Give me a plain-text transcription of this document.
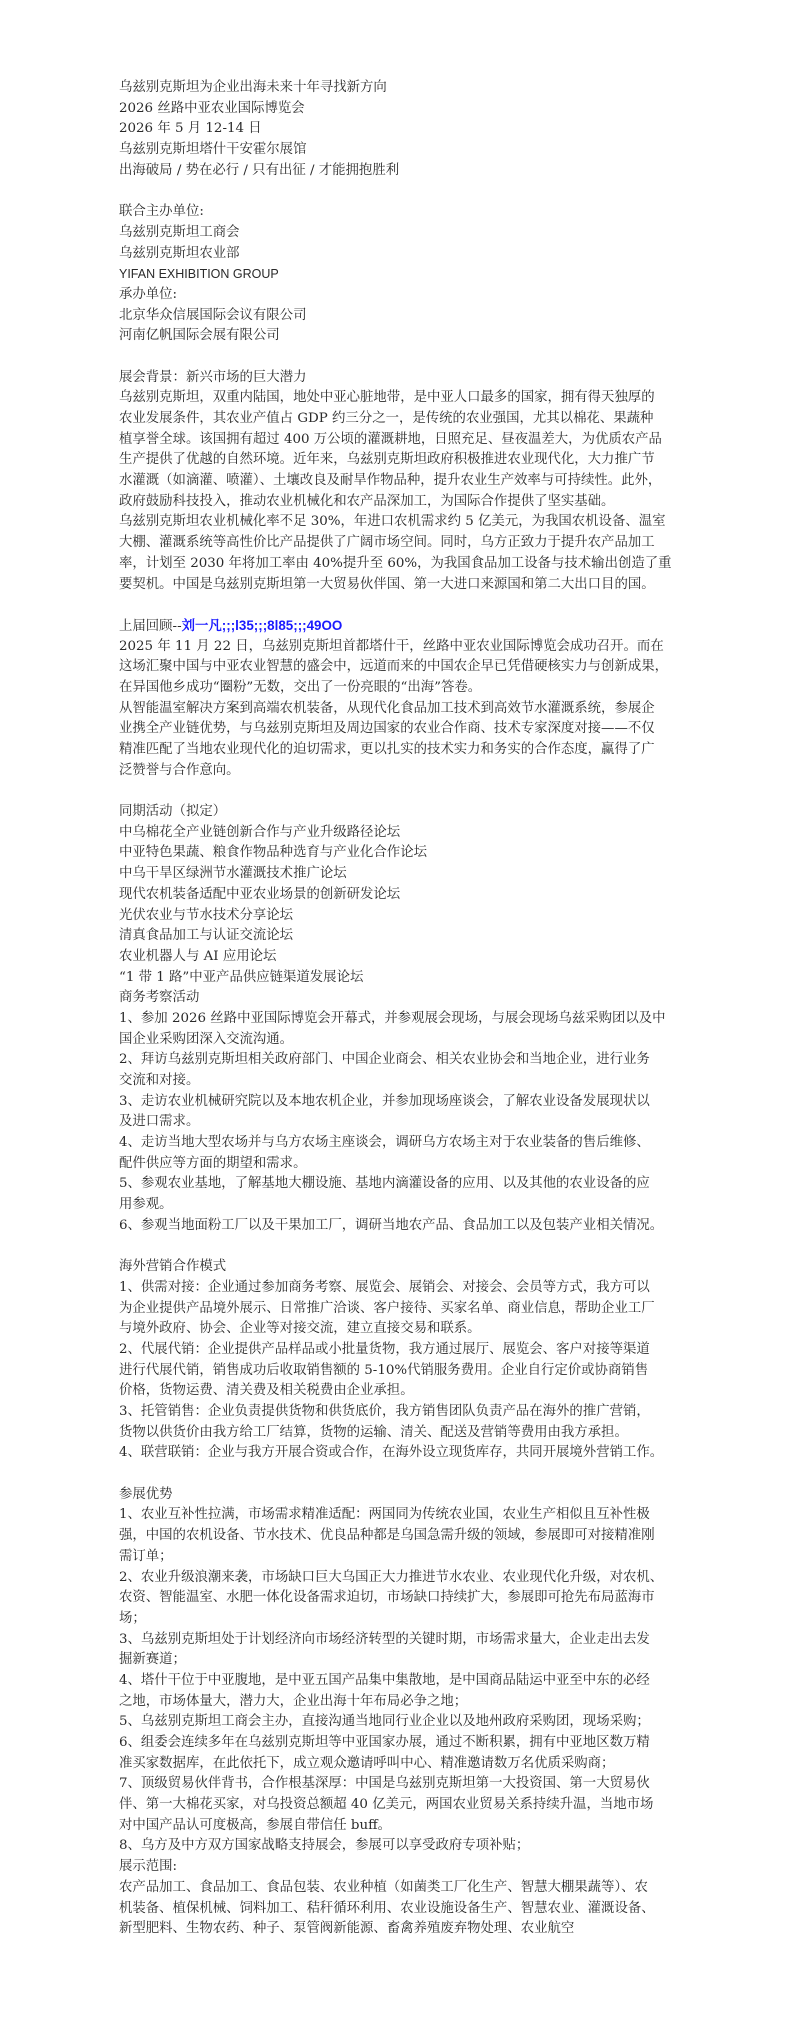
乌兹别克斯坦为企业出海未来十年寻找新方向
2026 丝路中亚农业国际博览会
2026 年 5 月 12-14 日
乌兹别克斯坦塔什干安霍尔展馆
出海破局 / 势在必行 / 只有出征 / 才能拥抱胜利
联合主办单位:
乌兹别克斯坦工商会
乌兹别克斯坦农业部
YIFAN EXHIBITION GROUP
承办单位:
北京华众信展国际会议有限公司
河南亿帆国际会展有限公司
展会背景：新兴市场的巨大潜力
乌兹别克斯坦，双重内陆国，地处中亚心脏地带，是中亚人口最多的国家，拥有得天独厚的
农业发展条件，其农业产值占 GDP 约三分之一，是传统的农业强国，尤其以棉花、果蔬种
植享誉全球。该国拥有超过 400 万公顷的灌溉耕地，日照充足、昼夜温差大，为优质农产品
生产提供了优越的自然环境。近年来，乌兹别克斯坦政府积极推进农业现代化，大力推广节
水灌溉（如滴灌、喷灌）、土壤改良及耐旱作物品种，提升农业生产效率与可持续性。此外，
政府鼓励科技投入，推动农业机械化和农产品深加工，为国际合作提供了坚实基础。
乌兹别克斯坦农业机械化率不足 30%，年进口农机需求约 5 亿美元，为我国农机设备、温室
大棚、灌溉系统等高性价比产品提供了广阔市场空间。同时，乌方正致力于提升农产品加工
率，计划至 2030 年将加工率由 40%提升至 60%，为我国食品加工设备与技术输出创造了重
要契机。中国是乌兹别克斯坦第一大贸易伙伴国、第一大进口来源国和第二大出口目的国。
上届回顾--刘一凡;;;l35;;;8l85;;;49OO
2025 年 11 月 22 日，乌兹别克斯坦首都塔什干，丝路中亚农业国际博览会成功召开。而在
这场汇聚中国与中亚农业智慧的盛会中，远道而来的中国农企早已凭借硬核实力与创新成果，
在异国他乡成功“圈粉”无数，交出了一份亮眼的“出海”答卷。
从智能温室解决方案到高端农机装备，从现代化食品加工技术到高效节水灌溉系统，参展企
业携全产业链优势，与乌兹别克斯坦及周边国家的农业合作商、技术专家深度对接——不仅
精准匹配了当地农业现代化的迫切需求，更以扎实的技术实力和务实的合作态度，赢得了广
泛赞誉与合作意向。
同期活动（拟定）
中乌棉花全产业链创新合作与产业升级路径论坛
中亚特色果蔬、粮食作物品种选育与产业化合作论坛
中乌干旱区绿洲节水灌溉技术推广论坛
现代农机装备适配中亚农业场景的创新研发论坛
光伏农业与节水技术分享论坛
清真食品加工与认证交流论坛
农业机器人与 AI 应用论坛
“1 带 1 路”中亚产品供应链渠道发展论坛
商务考察活动
1、参加 2026 丝路中亚国际博览会开幕式，并参观展会现场，与展会现场乌兹采购团以及中
国企业采购团深入交流沟通。
2、拜访乌兹别克斯坦相关政府部门、中国企业商会、相关农业协会和当地企业，进行业务
交流和对接。
3、走访农业机械研究院以及本地农机企业，并参加现场座谈会，了解农业设备发展现状以
及进口需求。
4、走访当地大型农场并与乌方农场主座谈会，调研乌方农场主对于农业装备的售后维修、
配件供应等方面的期望和需求。
5、参观农业基地，了解基地大棚设施、基地内滴灌设备的应用、以及其他的农业设备的应
用参观。
6、参观当地面粉工厂以及干果加工厂，调研当地农产品、食品加工以及包装产业相关情况。
海外营销合作模式
1、供需对接：企业通过参加商务考察、展览会、展销会、对接会、会员等方式，我方可以
为企业提供产品境外展示、日常推广洽谈、客户接待、买家名单、商业信息，帮助企业工厂
与境外政府、协会、企业等对接交流，建立直接交易和联系。
2、代展代销：企业提供产品样品或小批量货物，我方通过展厅、展览会、客户对接等渠道
进行代展代销，销售成功后收取销售额的 5-10%代销服务费用。企业自行定价或协商销售
价格，货物运费、清关费及相关税费由企业承担。
3、托管销售：企业负责提供货物和供货底价，我方销售团队负责产品在海外的推广营销，
货物以供货价由我方给工厂结算，货物的运输、清关、配送及营销等费用由我方承担。
4、联营联销：企业与我方开展合资或合作，在海外设立现货库存，共同开展境外营销工作。
参展优势
1、农业互补性拉满，市场需求精准适配：两国同为传统农业国，农业生产相似且互补性极
强，中国的农机设备、节水技术、优良品种都是乌国急需升级的领域，参展即可对接精准刚
需订单；
2、农业升级浪潮来袭，市场缺口巨大乌国正大力推进节水农业、农业现代化升级，对农机、
农资、智能温室、水肥一体化设备需求迫切，市场缺口持续扩大，参展即可抢先布局蓝海市
场；
3、乌兹别克斯坦处于计划经济向市场经济转型的关键时期，市场需求量大，企业走出去发
掘新赛道；
4、塔什干位于中亚腹地，是中亚五国产品集中集散地，是中国商品陆运中亚至中东的必经
之地，市场体量大，潜力大，企业出海十年布局必争之地；
5、乌兹别克斯坦工商会主办，直接沟通当地同行业企业以及地州政府采购团，现场采购；
6、组委会连续多年在乌兹别克斯坦等中亚国家办展，通过不断积累，拥有中亚地区数万精
准买家数据库，在此依托下，成立观众邀请呼叫中心、精准邀请数万名优质采购商；
7、顶级贸易伙伴背书，合作根基深厚：中国是乌兹别克斯坦第一大投资国、第一大贸易伙
伴、第一大棉花买家，对乌投资总额超 40 亿美元，两国农业贸易关系持续升温，当地市场
对中国产品认可度极高，参展自带信任 buff。
8、乌方及中方双方国家战略支持展会，参展可以享受政府专项补贴；
展示范围:
农产品加工、食品加工、食品包装、农业种植（如菌类工厂化生产、智慧大棚果蔬等）、农
机装备、植保机械、饲料加工、秸秆循环利用、农业设施设备生产、智慧农业、灌溉设备、
新型肥料、生物农药、种子、泵管阀新能源、畜禽养殖废弃物处理、农业航空
